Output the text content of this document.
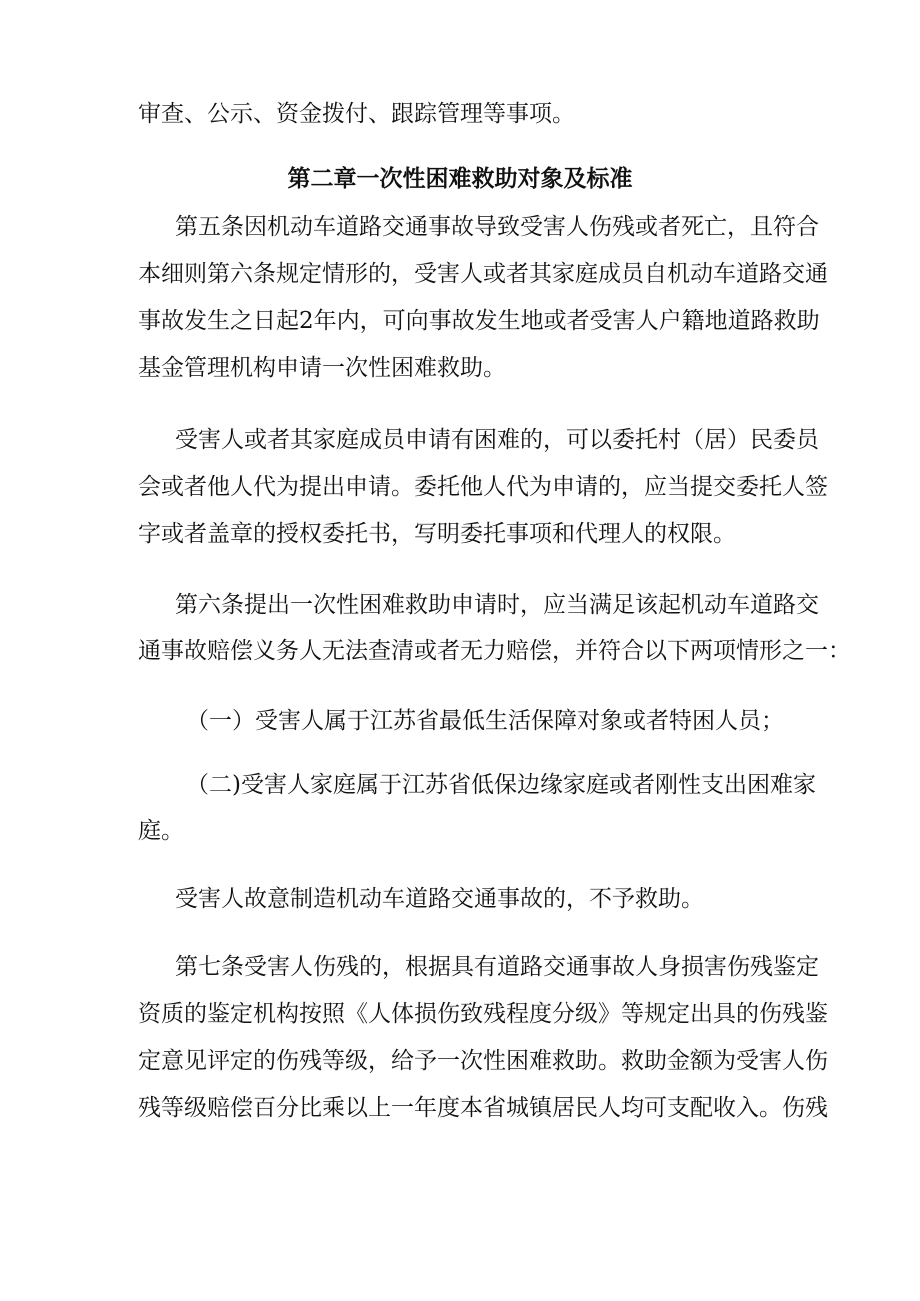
审查、公示、资金拨付、跟踪管理等事项。
第二章一次性困难救助对象及标准
第五条因机动车道路交通事故导致受害人伤残或者死亡，且符合
本细则第六条规定情形的，受害人或者其家庭成员自机动车道路交通
事故发生之日起2年内，可向事故发生地或者受害人户籍地道路救助
基金管理机构申请一次性困难救助。
受害人或者其家庭成员申请有困难的，可以委托村（居）民委员
会或者他人代为提出申请。委托他人代为申请的，应当提交委托人签
字或者盖章的授权委托书，写明委托事项和代理人的权限。
第六条提出一次性困难救助申请时，应当满足该起机动车道路交
通事故赔偿义务人无法查清或者无力赔偿，并符合以下两项情形之一：
（一）受害人属于江苏省最低生活保障对象或者特困人员；
（二)受害人家庭属于江苏省低保边缘家庭或者刚性支出困难家
庭。
受害人故意制造机动车道路交通事故的，不予救助。
第七条受害人伤残的，根据具有道路交通事故人身损害伤残鉴定
资质的鉴定机构按照《人体损伤致残程度分级》等规定出具的伤残鉴
定意见评定的伤残等级，给予一次性困难救助。救助金额为受害人伤
残等级赔偿百分比乘以上一年度本省城镇居民人均可支配收入。伤残
